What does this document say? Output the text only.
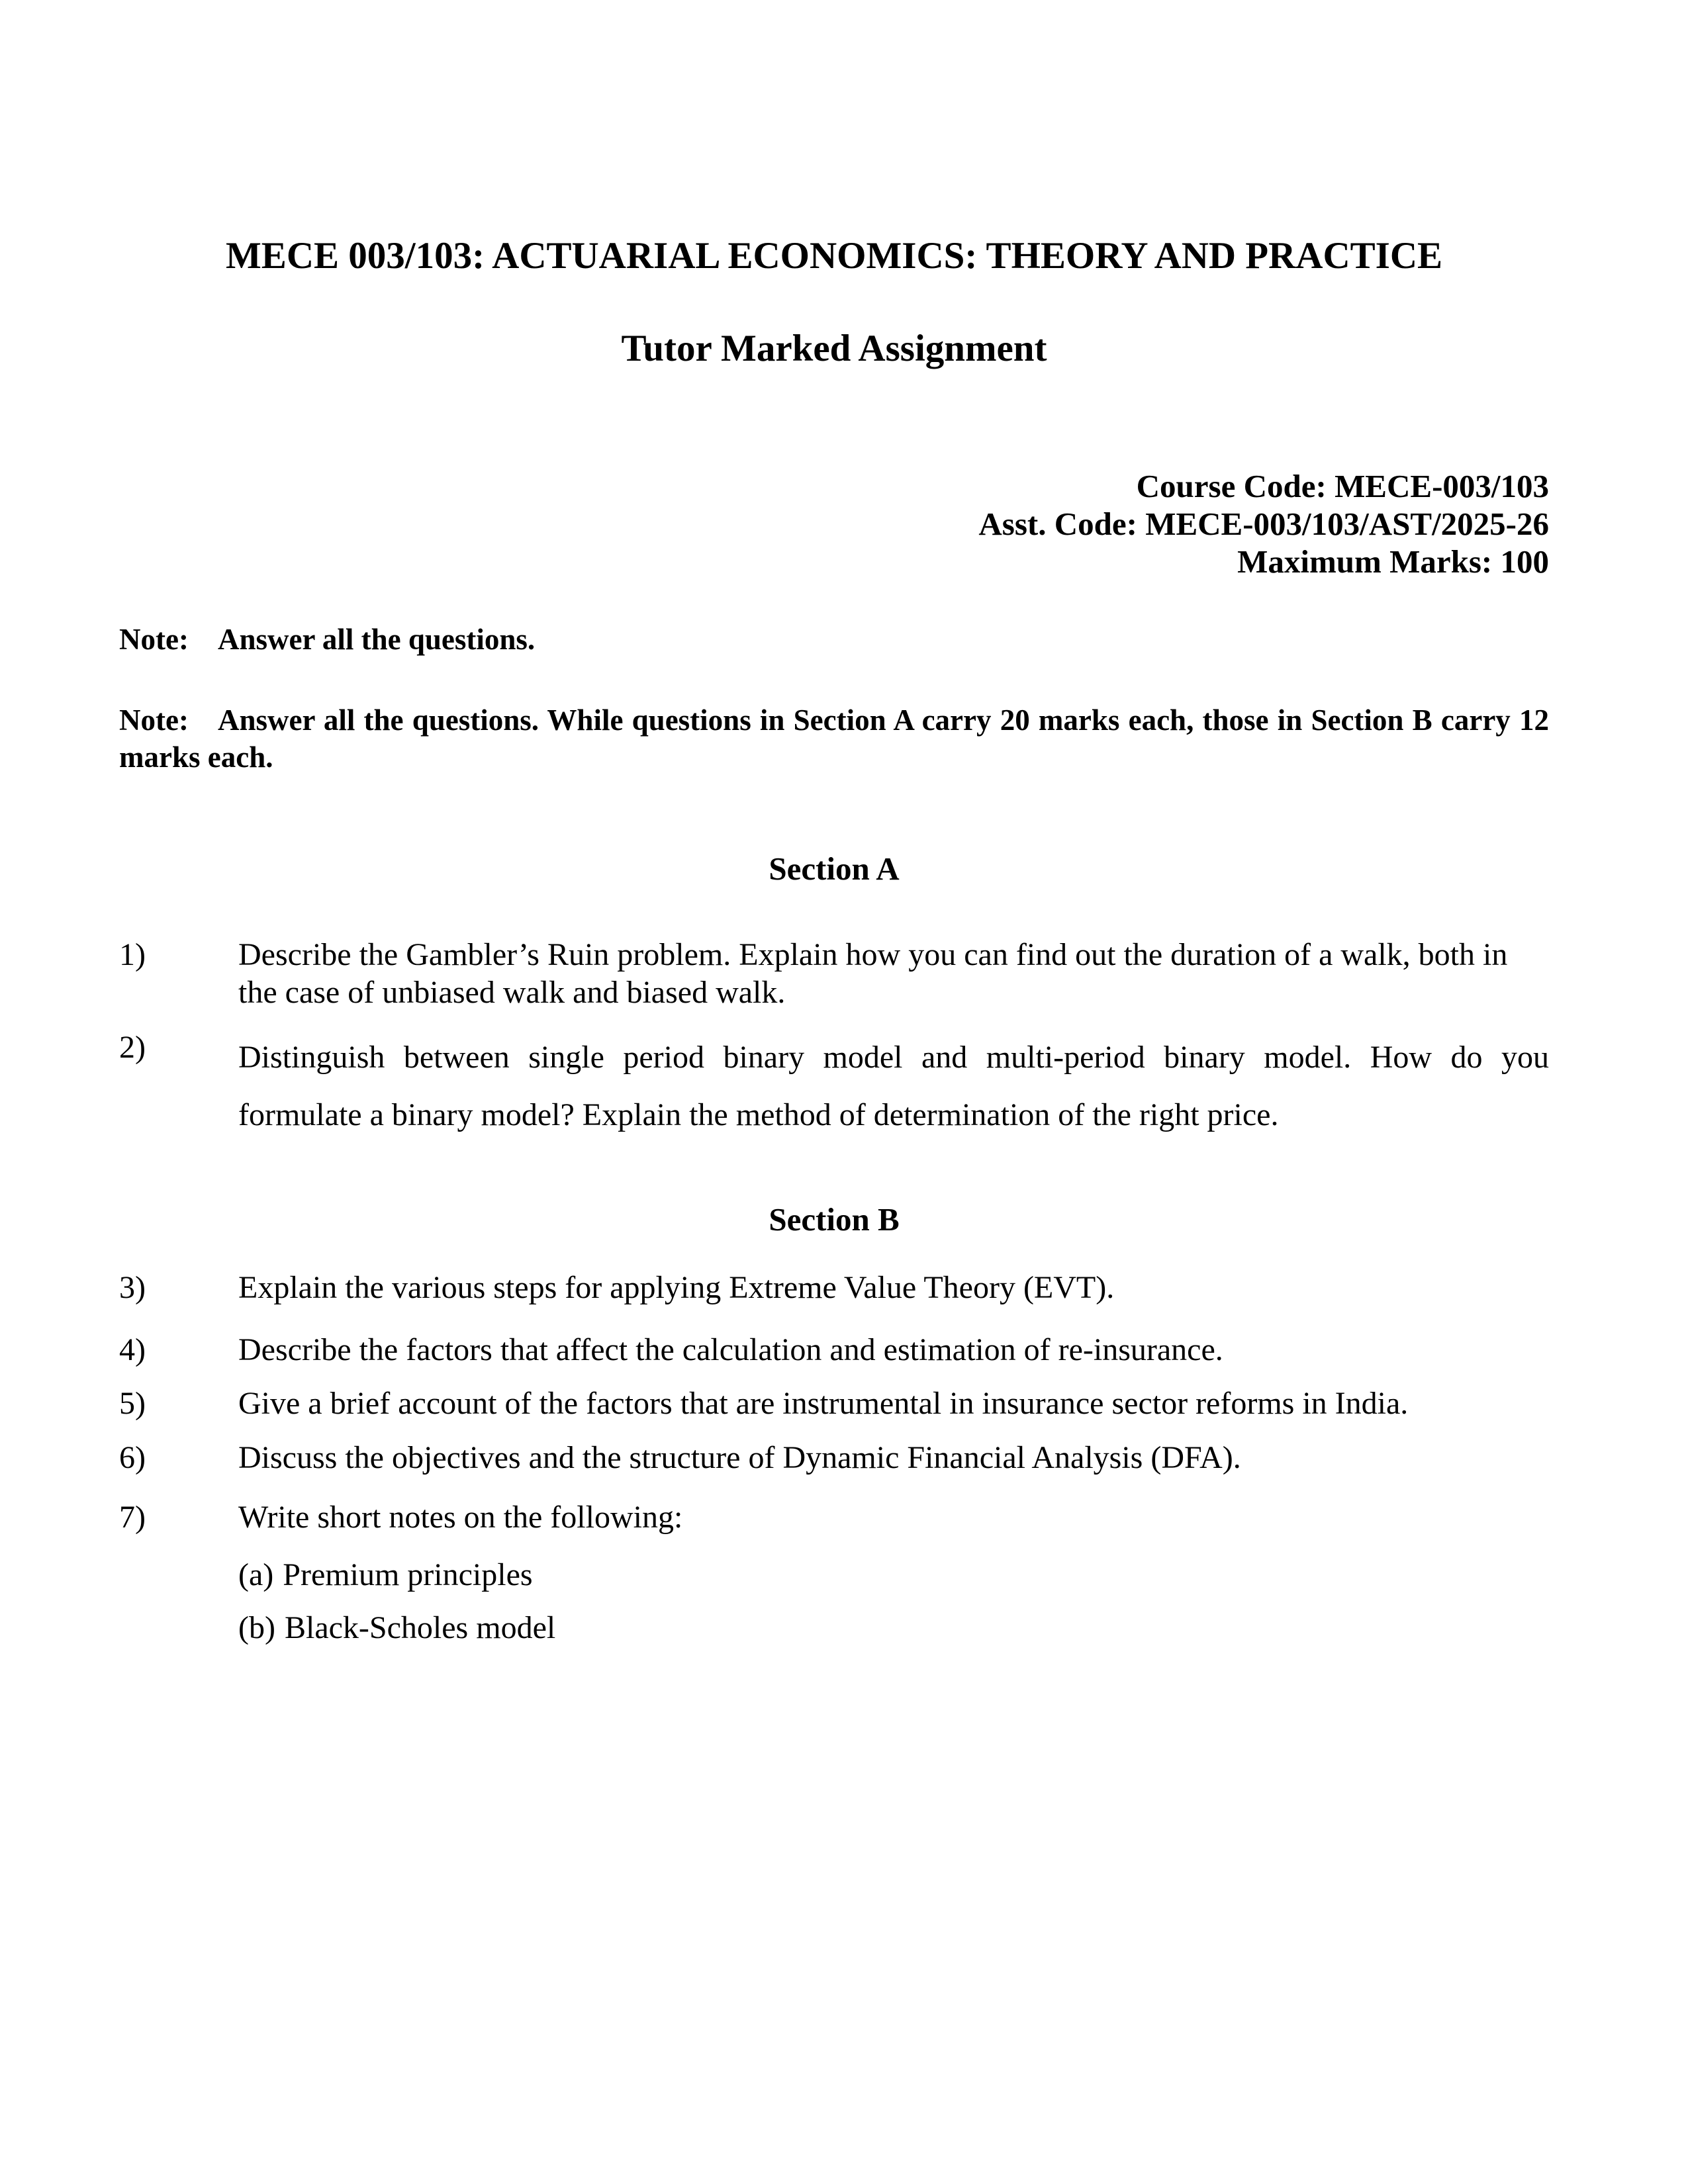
MECE 003/103: ACTUARIAL ECONOMICS: THEORY AND PRACTICE
Tutor Marked Assignment
Course Code: MECE-003/103
Asst. Code: MECE-003/103/AST/2025-26
Maximum Marks: 100
Note: Answer all the questions.
Note: Answer all the questions. While questions in Section A carry 20 marks each, those in Section B carry 12 marks each.
Section A
1)	Describe the Gambler’s Ruin problem. Explain how you can find out the duration of a walk, both in the case of unbiased walk and biased walk.
2)	Distinguish between single period binary model and multi-period binary model. How do you formulate a binary model? Explain the method of determination of the right price.
Section B
3)	Explain the various steps for applying Extreme Value Theory (EVT).
4)	Describe the factors that affect the calculation and estimation of re-insurance.
5)	Give a brief account of the factors that are instrumental in insurance sector reforms in India.
6)	Discuss the objectives and the structure of Dynamic Financial Analysis (DFA).
7)	Write short notes on the following:
(a) Premium principles
(b) Black-Scholes model
